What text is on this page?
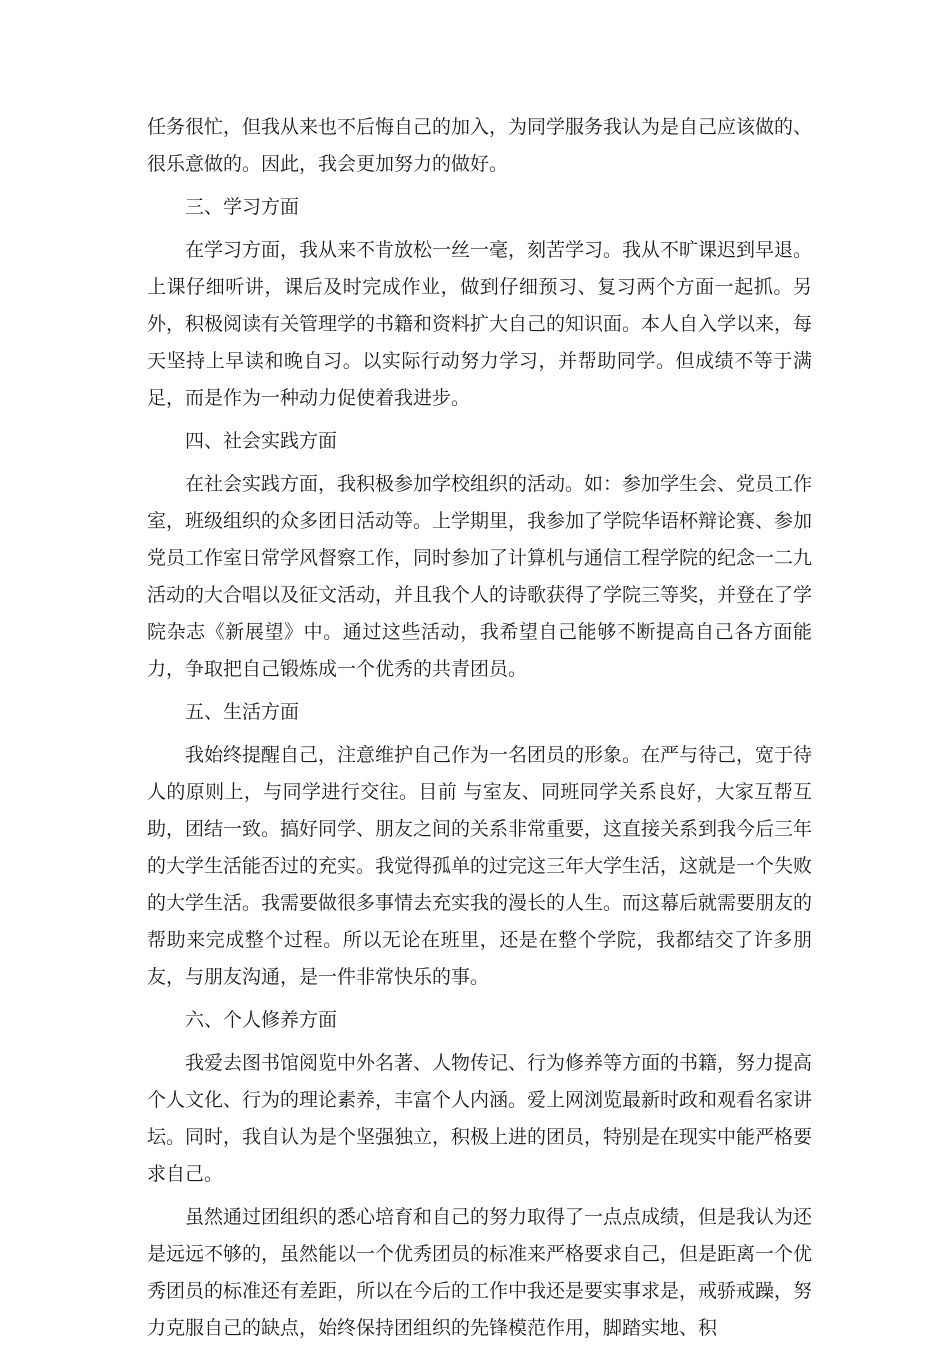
任务很忙，但我从来也不后悔自己的加入，为同学服务我认为是自己应该做的、很乐意做的。因此，我会更加努力的做好。

三、学习方面

在学习方面，我从来不肯放松一丝一毫，刻苦学习。我从不旷课迟到早退。上课仔细听讲，课后及时完成作业，做到仔细预习、复习两个方面一起抓。另外，积极阅读有关管理学的书籍和资料扩大自己的知识面。本人自入学以来，每天坚持上早读和晚自习。以实际行动努力学习，并帮助同学。但成绩不等于满足，而是作为一种动力促使着我进步。

四、社会实践方面

在社会实践方面，我积极参加学校组织的活动。如：参加学生会、党员工作室，班级组织的众多团日活动等。上学期里，我参加了学院华语杯辩论赛、参加党员工作室日常学风督察工作，同时参加了计算机与通信工程学院的纪念一二九活动的大合唱以及征文活动，并且我个人的诗歌获得了学院三等奖，并登在了学院杂志《新展望》中。通过这些活动，我希望自己能够不断提高自己各方面能力，争取把自己锻炼成一个优秀的共青团员。

五、生活方面

我始终提醒自己，注意维护自己作为一名团员的形象。在严与待己，宽于待人的原则上，与同学进行交往。目前 与室友、同班同学关系良好，大家互帮互助，团结一致。搞好同学、朋友之间的关系非常重要，这直接关系到我今后三年的大学生活能否过的充实。我觉得孤单的过完这三年大学生活，这就是一个失败的大学生活。我需要做很多事情去充实我的漫长的人生。而这幕后就需要朋友的帮助来完成整个过程。所以无论在班里，还是在整个学院，我都结交了许多朋友，与朋友沟通，是一件非常快乐的事。

六、个人修养方面

我爱去图书馆阅览中外名著、人物传记、行为修养等方面的书籍，努力提高个人文化、行为的理论素养，丰富个人内涵。爱上网浏览最新时政和观看名家讲坛。同时，我自认为是个坚强独立，积极上进的团员，特别是在现实中能严格要求自己。

虽然通过团组织的悉心培育和自己的努力取得了一点点成绩，但是我认为还是远远不够的，虽然能以一个优秀团员的标准来严格要求自己，但是距离一个优秀团员的标准还有差距，所以在今后的工作中我还是要实事求是，戒骄戒躁，努力克服自己的缺点，始终保持团组织的先锋模范作用，脚踏实地、积
